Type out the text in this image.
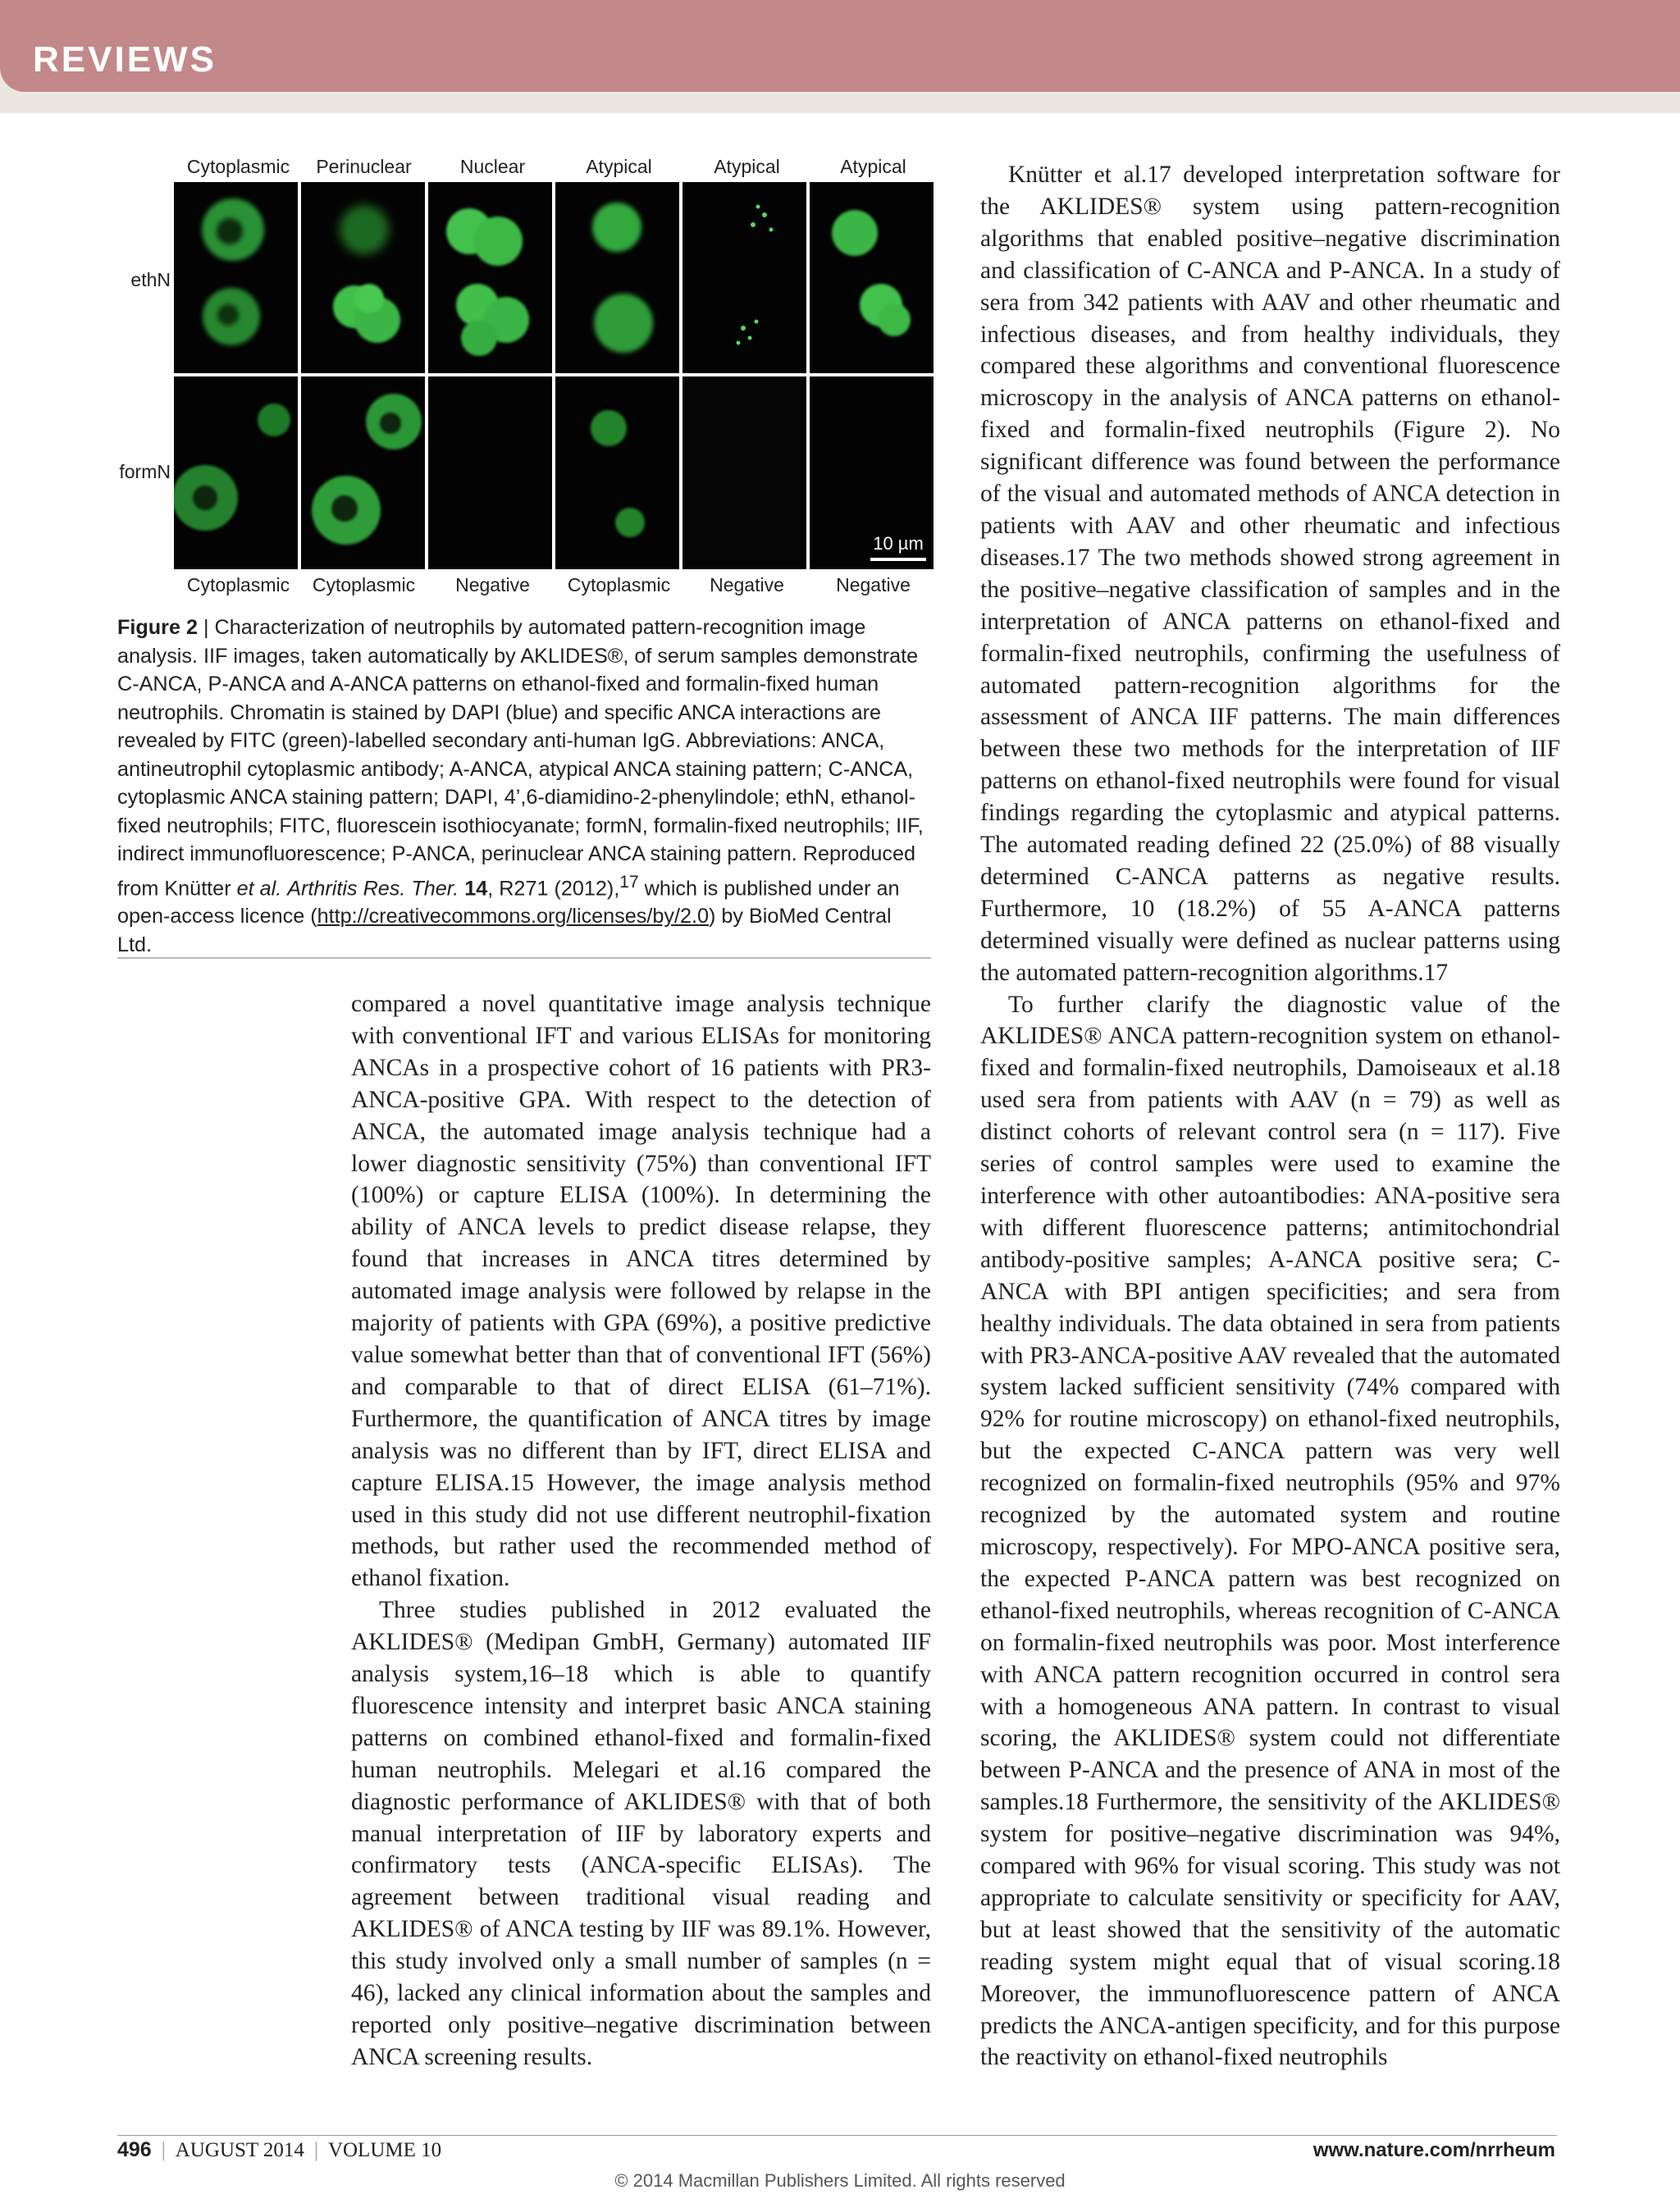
REVIEWS
Cytoplasmic	Perinuclear	Nuclear	Atypical	Atypical	Atypical
ethN
formN
10 µm
Cytoplasmic	Cytoplasmic	Negative	Cytoplasmic	Negative	Negative
Figure 2 | Characterization of neutrophils by automated pattern-recognition image analysis. IIF images, taken automatically by AKLIDES®, of serum samples demonstrate C-ANCA, P-ANCA and A-ANCA patterns on ethanol-fixed and formalin-fixed human neutrophils. Chromatin is stained by DAPI (blue) and specific ANCA interactions are revealed by FITC (green)-labelled secondary anti-human IgG. Abbreviations: ANCA, antineutrophil cytoplasmic antibody; A-ANCA, atypical ANCA staining pattern; C-ANCA, cytoplasmic ANCA staining pattern; DAPI, 4’,6-diamidino-2-phenylindole; ethN, ethanol-fixed neutrophils; FITC, fluorescein isothiocyanate; formN, formalin-fixed neutrophils; IIF, indirect immunofluorescence; P-ANCA, perinuclear ANCA staining pattern. Reproduced from Knütter et al. Arthritis Res. Ther. 14, R271 (2012),$^{17}$ which is published under an open-access licence (http://creativecommons.org/licenses/by/2.0) by BioMed Central Ltd.

compared a novel quantitative image analysis technique with conventional IFT and various ELISAs for monitoring ANCAs in a prospective cohort of 16 patients with PR3-ANCA-positive GPA. With respect to the detection of ANCA, the automated image analysis technique had a lower diagnostic sensitivity (75%) than conventional IFT (100%) or capture ELISA (100%). In determining the ability of ANCA levels to predict disease relapse, they found that increases in ANCA titres determined by automated image analysis were followed by relapse in the majority of patients with GPA (69%), a positive predictive value somewhat better than that of conventional IFT (56%) and comparable to that of direct ELISA (61–71%). Furthermore, the quantification of ANCA titres by image analysis was no different than by IFT, direct ELISA and capture ELISA.15 However, the image analysis method used in this study did not use different neutrophil-fixation methods, but rather used the recommended method of ethanol fixation.

Three studies published in 2012 evaluated the AKLIDES® (Medipan GmbH, Germany) automated IIF analysis system,16–18 which is able to quantify fluorescence intensity and interpret basic ANCA staining patterns on combined ethanol-fixed and formalin-fixed human neutrophils. Melegari et al.16 compared the diagnostic performance of AKLIDES® with that of both manual interpretation of IIF by laboratory experts and confirmatory tests (ANCA-specific ELISAs). The agreement between traditional visual reading and AKLIDES® of ANCA testing by IIF was 89.1%. However, this study involved only a small number of samples (n = 46), lacked any clinical information about the samples and reported only positive–negative discrimination between ANCA screening results.

Knütter et al.17 developed interpretation software for the AKLIDES® system using pattern-recognition algorithms that enabled positive–negative discrimination and classification of C-ANCA and P-ANCA. In a study of sera from 342 patients with AAV and other rheumatic and infectious diseases, and from healthy individuals, they compared these algorithms and conventional fluorescence microscopy in the analysis of ANCA patterns on ethanol-fixed and formalin-fixed neutrophils (Figure 2). No significant difference was found between the performance of the visual and automated methods of ANCA detection in patients with AAV and other rheumatic and infectious diseases.17 The two methods showed strong agreement in the positive–negative classification of samples and in the interpretation of ANCA patterns on ethanol-fixed and formalin-fixed neutrophils, confirming the usefulness of automated pattern-recognition algorithms for the assessment of ANCA IIF patterns. The main differences between these two methods for the interpretation of IIF patterns on ethanol-fixed neutrophils were found for visual findings regarding the cytoplasmic and atypical patterns. The automated reading defined 22 (25.0%) of 88 visually determined C-ANCA patterns as negative results. Furthermore, 10 (18.2%) of 55 A-ANCA patterns determined visually were defined as nuclear patterns using the automated pattern-recognition algorithms.17

To further clarify the diagnostic value of the AKLIDES® ANCA pattern-recognition system on ethanol-fixed and formalin-fixed neutrophils, Damoiseaux et al.18 used sera from patients with AAV (n = 79) as well as distinct cohorts of relevant control sera (n = 117). Five series of control samples were used to examine the interference with other autoantibodies: ANA-positive sera with different fluorescence patterns; antimitochondrial antibody-positive samples; A-ANCA positive sera; C-ANCA with BPI antigen specificities; and sera from healthy individuals. The data obtained in sera from patients with PR3-ANCA-positive AAV revealed that the automated system lacked sufficient sensitivity (74% compared with 92% for routine microscopy) on ethanol-fixed neutrophils, but the expected C-ANCA pattern was very well recognized on formalin-fixed neutrophils (95% and 97% recognized by the automated system and routine microscopy, respectively). For MPO-ANCA positive sera, the expected P-ANCA pattern was best recognized on ethanol-fixed neutrophils, whereas recognition of C-ANCA on formalin-fixed neutrophils was poor. Most interference with ANCA pattern recognition occurred in control sera with a homogeneous ANA pattern. In contrast to visual scoring, the AKLIDES® system could not differentiate between P-ANCA and the presence of ANA in most of the samples.18 Furthermore, the sensitivity of the AKLIDES® system for positive–negative discrimination was 94%, compared with 96% for visual scoring. This study was not appropriate to calculate sensitivity or specificity for AAV, but at least showed that the sensitivity of the automatic reading system might equal that of visual scoring.18 Moreover, the immunofluorescence pattern of ANCA predicts the ANCA-antigen specificity, and for this purpose the reactivity on ethanol-fixed neutrophils

496 | AUGUST 2014 | VOLUME 10	www.nature.com/nrrheum
© 2014 Macmillan Publishers Limited. All rights reserved
